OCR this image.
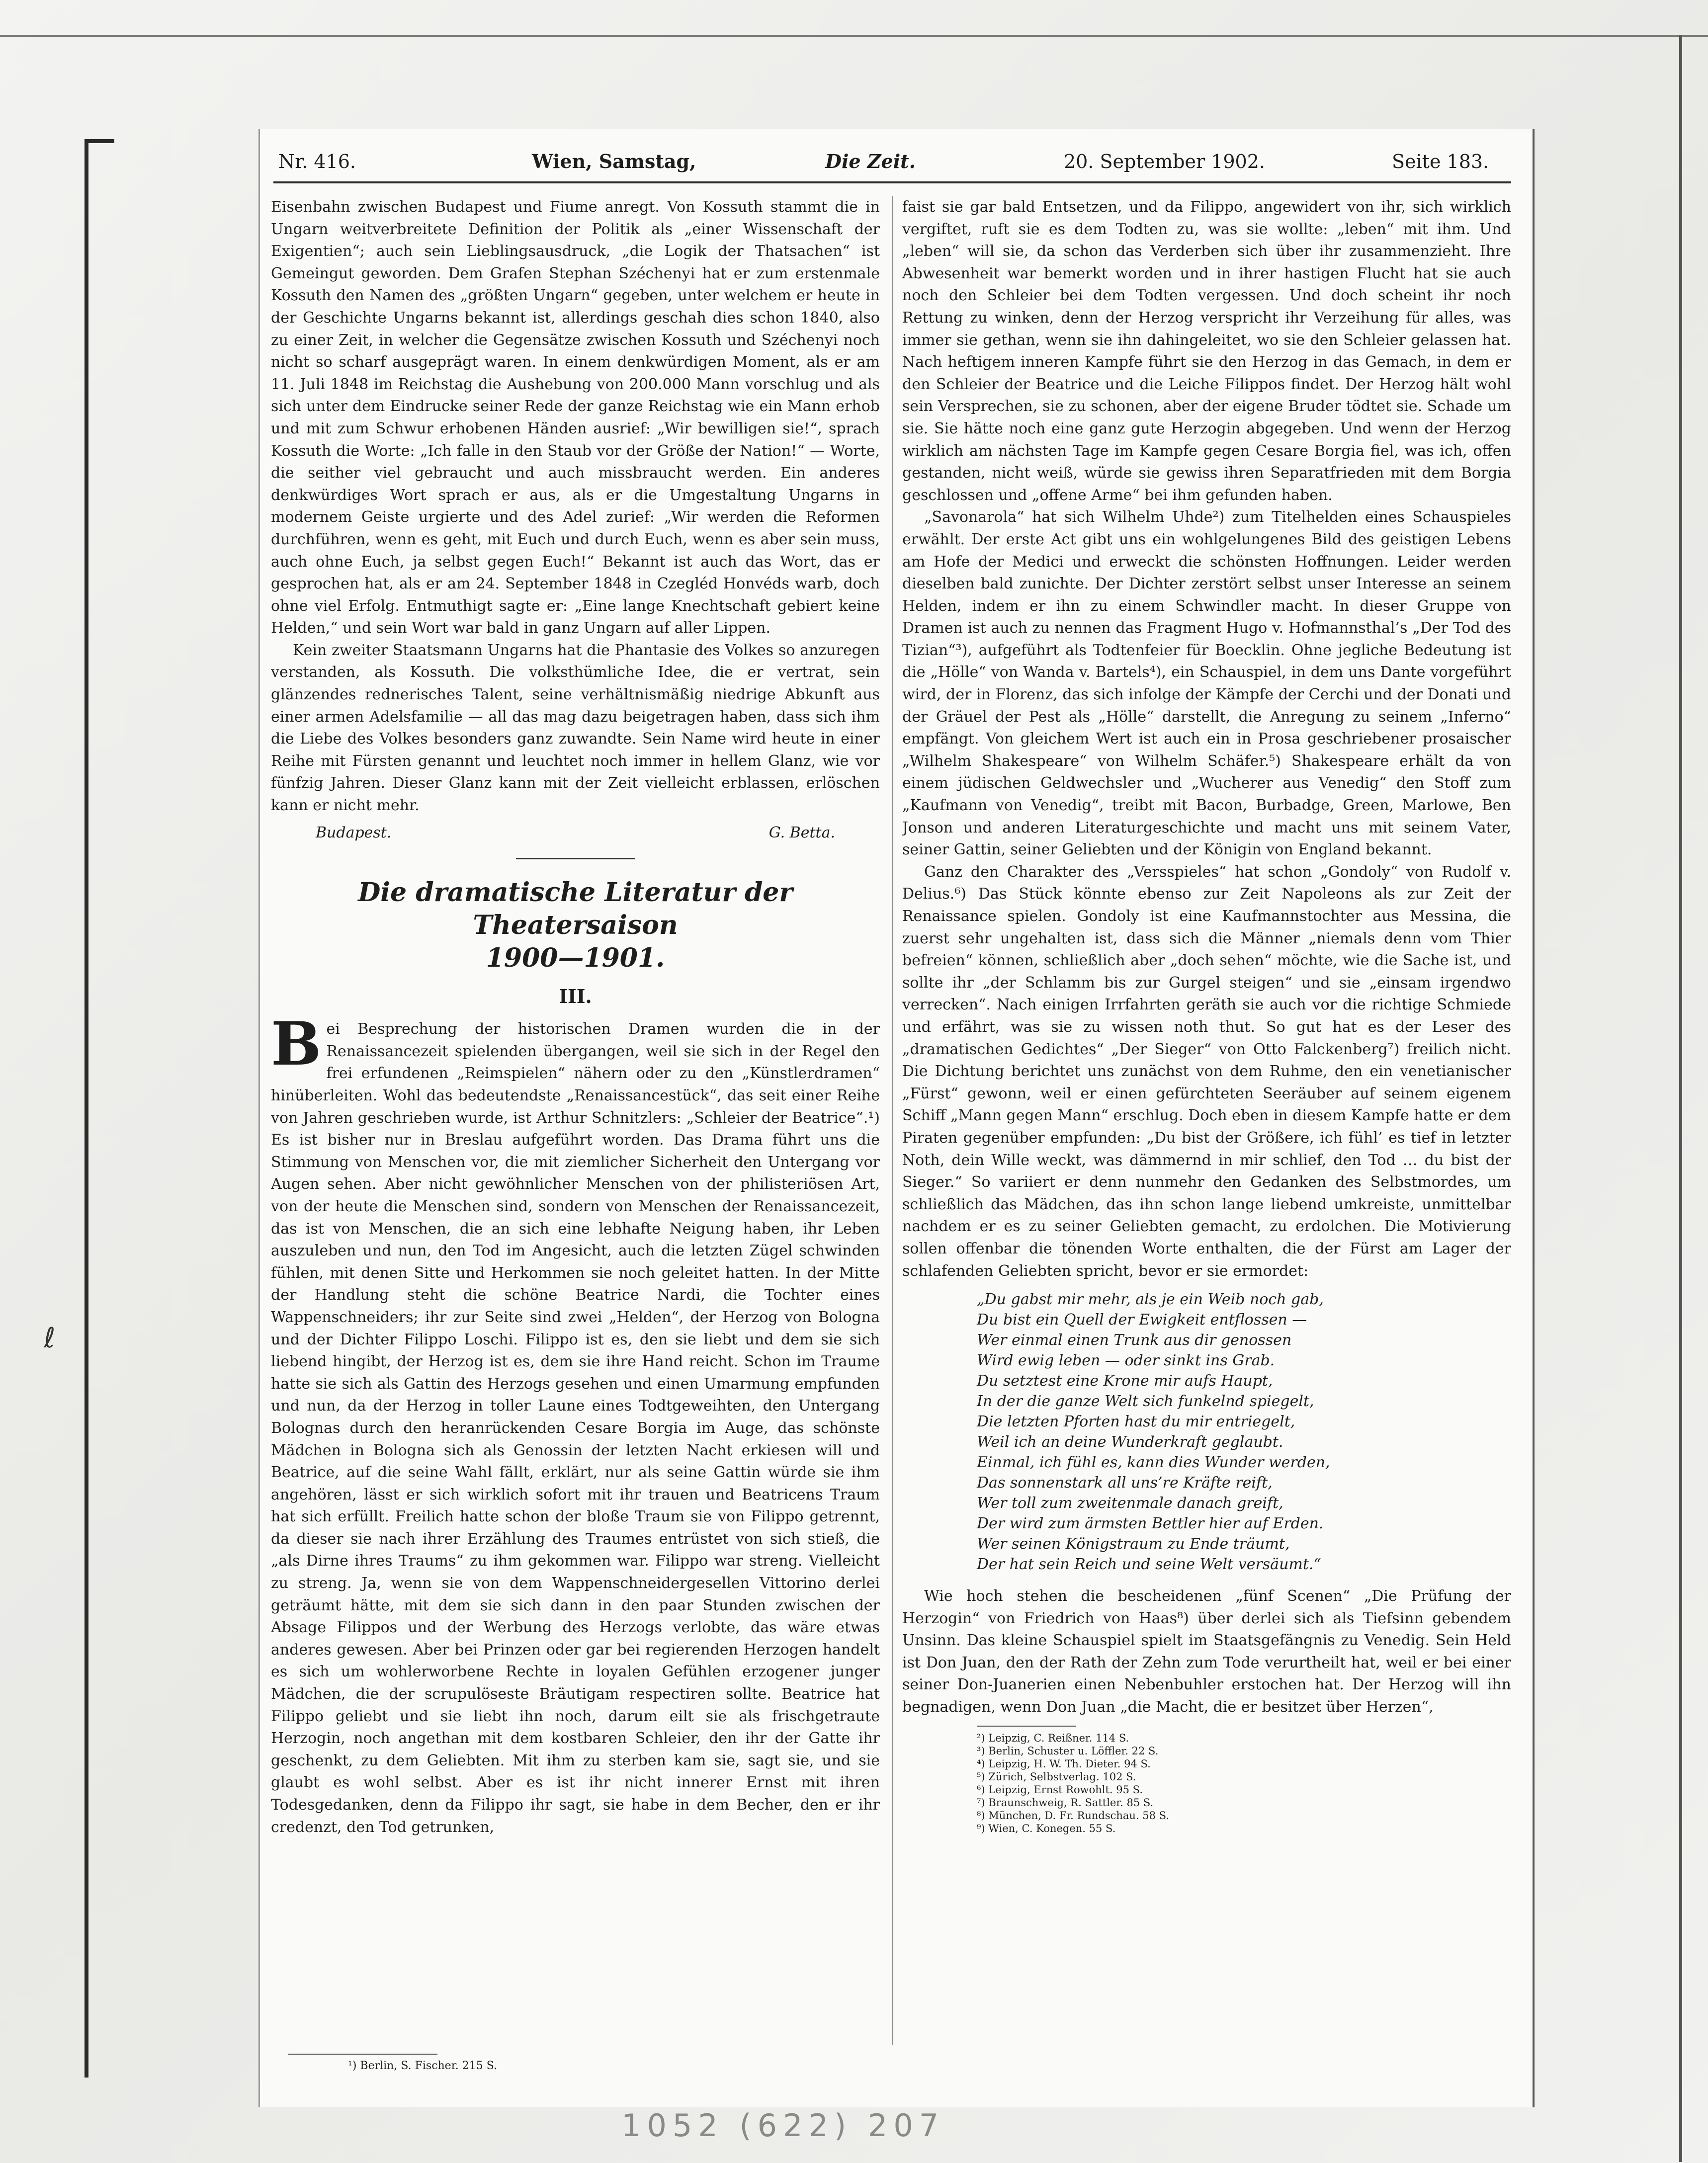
ℓ
Nr. 416.	Wien, Samstag,	Die Zeit.	20. September 1902.	Seite 183.

Eisenbahn zwischen Budapest und Fiume anregt. Von Kossuth stammt die in Ungarn weitverbreitete Definition der Politik als „einer Wissenschaft der Exigentien“; auch sein Lieblingsausdruck, „die Logik der Thatsachen“ ist Gemeingut geworden. Dem Grafen Stephan Széchenyi hat er zum erstenmale Kossuth den Namen des „größten Ungarn“ gegeben, unter welchem er heute in der Geschichte Ungarns bekannt ist, allerdings geschah dies schon 1840, also zu einer Zeit, in welcher die Gegensätze zwischen Kossuth und Széchenyi noch nicht so scharf ausgeprägt waren. In einem denkwürdigen Moment, als er am 11. Juli 1848 im Reichstag die Aushebung von 200.000 Mann vorschlug und als sich unter dem Eindrucke seiner Rede der ganze Reichstag wie ein Mann erhob und mit zum Schwur erhobenen Händen ausrief: „Wir bewilligen sie!“, sprach Kossuth die Worte: „Ich falle in den Staub vor der Größe der Nation!“ — Worte, die seither viel gebraucht und auch missbraucht werden. Ein anderes denkwürdiges Wort sprach er aus, als er die Umgestaltung Ungarns in modernem Geiste urgierte und des Adel zurief: „Wir werden die Reformen durchführen, wenn es geht, mit Euch und durch Euch, wenn es aber sein muss, auch ohne Euch, ja selbst gegen Euch!“ Bekannt ist auch das Wort, das er gesprochen hat, als er am 24. September 1848 in Czegléd Honvéds warb, doch ohne viel Erfolg. Entmuthigt sagte er: „Eine lange Knechtschaft gebiert keine Helden,“ und sein Wort war bald in ganz Ungarn auf aller Lippen.

Kein zweiter Staatsmann Ungarns hat die Phantasie des Volkes so anzuregen verstanden, als Kossuth. Die volksthümliche Idee, die er vertrat, sein glänzendes rednerisches Talent, seine verhältnismäßig niedrige Abkunft aus einer armen Adelsfamilie — all das mag dazu beigetragen haben, dass sich ihm die Liebe des Volkes besonders ganz zuwandte. Sein Name wird heute in einer Reihe mit Fürsten genannt und leuchtet noch immer in hellem Glanz, wie vor fünfzig Jahren. Dieser Glanz kann mit der Zeit vielleicht erblassen, erlöschen kann er nicht mehr.

Budapest.	G. Betta.

Die dramatische Literatur der Theatersaison

1900—1901.

III.

B ei Besprechung der historischen Dramen wurden die in der Renaissancezeit spielenden übergangen, weil sie sich in der Regel den frei erfundenen „Reimspielen“ nähern oder zu den „Künstlerdramen“ hinüberleiten. Wohl das bedeutendste „Renaissancestück“, das seit einer Reihe von Jahren geschrieben wurde, ist Arthur Schnitzlers: „Schleier der Beatrice“.¹) Es ist bisher nur in Breslau aufgeführt worden. Das Drama führt uns die Stimmung von Menschen vor, die mit ziemlicher Sicherheit den Untergang vor Augen sehen. Aber nicht gewöhnlicher Menschen von der philisteriösen Art, von der heute die Menschen sind, sondern von Menschen der Renaissancezeit, das ist von Menschen, die an sich eine lebhafte Neigung haben, ihr Leben auszuleben und nun, den Tod im Angesicht, auch die letzten Zügel schwinden fühlen, mit denen Sitte und Herkommen sie noch geleitet hatten. In der Mitte der Handlung steht die schöne Beatrice Nardi, die Tochter eines Wappenschneiders; ihr zur Seite sind zwei „Helden“, der Herzog von Bologna und der Dichter Filippo Loschi. Filippo ist es, den sie liebt und dem sie sich liebend hingibt, der Herzog ist es, dem sie ihre Hand reicht. Schon im Traume hatte sie sich als Gattin des Herzogs gesehen und einen Umarmung empfunden und nun, da der Herzog in toller Laune eines Todtgeweihten, den Untergang Bolognas durch den heranrückenden Cesare Borgia im Auge, das schönste Mädchen in Bologna sich als Genossin der letzten Nacht erkiesen will und Beatrice, auf die seine Wahl fällt, erklärt, nur als seine Gattin würde sie ihm angehören, lässt er sich wirklich sofort mit ihr trauen und Beatricens Traum hat sich erfüllt. Freilich hatte schon der bloße Traum sie von Filippo getrennt, da dieser sie nach ihrer Erzählung des Traumes entrüstet von sich stieß, die „als Dirne ihres Traums“ zu ihm gekommen war. Filippo war streng. Vielleicht zu streng. Ja, wenn sie von dem Wappenschneidergesellen Vittorino derlei geträumt hätte, mit dem sie sich dann in den paar Stunden zwischen der Absage Filippos und der Werbung des Herzogs verlobte, das wäre etwas anderes gewesen. Aber bei Prinzen oder gar bei regierenden Herzogen handelt es sich um wohlerworbene Rechte in loyalen Gefühlen erzogener junger Mädchen, die der scrupulöseste Bräutigam respectiren sollte. Beatrice hat Filippo geliebt und sie liebt ihn noch, darum eilt sie als frischgetraute Herzogin, noch angethan mit dem kostbaren Schleier, den ihr der Gatte ihr geschenkt, zu dem Geliebten. Mit ihm zu sterben kam sie, sagt sie, und sie glaubt es wohl selbst. Aber es ist ihr nicht innerer Ernst mit ihren Todesgedanken, denn da Filippo ihr sagt, sie habe in dem Becher, den er ihr credenzt, den Tod getrunken,

faist sie gar bald Entsetzen, und da Filippo, angewidert von ihr, sich wirklich vergiftet, ruft sie es dem Todten zu, was sie wollte: „leben“ mit ihm. Und „leben“ will sie, da schon das Verderben sich über ihr zusammenzieht. Ihre Abwesenheit war bemerkt worden und in ihrer hastigen Flucht hat sie auch noch den Schleier bei dem Todten vergessen. Und doch scheint ihr noch Rettung zu winken, denn der Herzog verspricht ihr Verzeihung für alles, was immer sie gethan, wenn sie ihn dahingeleitet, wo sie den Schleier gelassen hat. Nach heftigem inneren Kampfe führt sie den Herzog in das Gemach, in dem er den Schleier der Beatrice und die Leiche Filippos findet. Der Herzog hält wohl sein Versprechen, sie zu schonen, aber der eigene Bruder tödtet sie. Schade um sie. Sie hätte noch eine ganz gute Herzogin abgegeben. Und wenn der Herzog wirklich am nächsten Tage im Kampfe gegen Cesare Borgia fiel, was ich, offen gestanden, nicht weiß, würde sie gewiss ihren Separatfrieden mit dem Borgia geschlossen und „offene Arme“ bei ihm gefunden haben.

„Savonarola“ hat sich Wilhelm Uhde²) zum Titelhelden eines Schauspieles erwählt. Der erste Act gibt uns ein wohlgelungenes Bild des geistigen Lebens am Hofe der Medici und erweckt die schönsten Hoffnungen. Leider werden dieselben bald zunichte. Der Dichter zerstört selbst unser Interesse an seinem Helden, indem er ihn zu einem Schwindler macht. In dieser Gruppe von Dramen ist auch zu nennen das Fragment Hugo v. Hofmannsthal’s „Der Tod des Tizian“³), aufgeführt als Todtenfeier für Boecklin. Ohne jegliche Bedeutung ist die „Hölle“ von Wanda v. Bartels⁴), ein Schauspiel, in dem uns Dante vorgeführt wird, der in Florenz, das sich infolge der Kämpfe der Cerchi und der Donati und der Gräuel der Pest als „Hölle“ darstellt, die Anregung zu seinem „Inferno“ empfängt. Von gleichem Wert ist auch ein in Prosa geschriebener prosaischer „Wilhelm Shakespeare“ von Wilhelm Schäfer.⁵) Shakespeare erhält da von einem jüdischen Geldwechsler und „Wucherer aus Venedig“ den Stoff zum „Kaufmann von Venedig“, treibt mit Bacon, Burbadge, Green, Marlowe, Ben Jonson und anderen Literaturgeschichte und macht uns mit seinem Vater, seiner Gattin, seiner Geliebten und der Königin von England bekannt.

Ganz den Charakter des „Versspieles“ hat schon „Gondoly“ von Rudolf v. Delius.⁶) Das Stück könnte ebenso zur Zeit Napoleons als zur Zeit der Renaissance spielen. Gondoly ist eine Kaufmannstochter aus Messina, die zuerst sehr ungehalten ist, dass sich die Männer „niemals denn vom Thier befreien“ können, schließlich aber „doch sehen“ möchte, wie die Sache ist, und sollte ihr „der Schlamm bis zur Gurgel steigen“ und sie „einsam irgendwo verrecken“. Nach einigen Irrfahrten geräth sie auch vor die richtige Schmiede und erfährt, was sie zu wissen noth thut. So gut hat es der Leser des „dramatischen Gedichtes“ „Der Sieger“ von Otto Falckenberg⁷) freilich nicht. Die Dichtung berichtet uns zunächst von dem Ruhme, den ein venetianischer „Fürst“ gewonn, weil er einen gefürchteten Seeräuber auf seinem eigenem Schiff „Mann gegen Mann“ erschlug. Doch eben in diesem Kampfe hatte er dem Piraten gegenüber empfunden: „Du bist der Größere, ich fühl’ es tief in letzter Noth, dein Wille weckt, was dämmernd in mir schlief, den Tod … du bist der Sieger.“ So variiert er denn nunmehr den Gedanken des Selbstmordes, um schließlich das Mädchen, das ihn schon lange liebend umkreiste, unmittelbar nachdem er es zu seiner Geliebten gemacht, zu erdolchen. Die Motivierung sollen offenbar die tönenden Worte enthalten, die der Fürst am Lager der schlafenden Geliebten spricht, bevor er sie ermordet:

„Du gabst mir mehr, als je ein Weib noch gab,
Du bist ein Quell der Ewigkeit entflossen —
Wer einmal einen Trunk aus dir genossen
Wird ewig leben — oder sinkt ins Grab.
Du setztest eine Krone mir aufs Haupt,
In der die ganze Welt sich funkelnd spiegelt,
Die letzten Pforten hast du mir entriegelt,
Weil ich an deine Wunderkraft geglaubt.
Einmal, ich fühl es, kann dies Wunder werden,
Das sonnenstark all uns’re Kräfte reift,
Wer toll zum zweitenmale danach greift,
Der wird zum ärmsten Bettler hier auf Erden.
Wer seinen Königstraum zu Ende träumt,
Der hat sein Reich und seine Welt versäumt.“

Wie hoch stehen die bescheidenen „fünf Scenen“ „Die Prüfung der Herzogin“ von Friedrich von Haas⁸) über derlei sich als Tiefsinn gebendem Unsinn. Das kleine Schauspiel spielt im Staatsgefängnis zu Venedig. Sein Held ist Don Juan, den der Rath der Zehn zum Tode verurtheilt hat, weil er bei einer seiner Don-Juanerien einen Nebenbuhler erstochen hat. Der Herzog will ihn begnadigen, wenn Don Juan „die Macht, die er besitzet über Herzen“,

²) Leipzig, C. Reißner. 114 S.
³) Berlin, Schuster u. Löffler. 22 S.
⁴) Leipzig, H. W. Th. Dieter. 94 S.
⁵) Zürich, Selbstverlag. 102 S.
⁶) Leipzig, Ernst Rowohlt. 95 S.
⁷) Braunschweig, R. Sattler. 85 S.
⁸) München, D. Fr. Rundschau. 58 S.
⁹) Wien, C. Konegen. 55 S.
¹) Berlin, S. Fischer. 215 S.
1052 (622) 207
